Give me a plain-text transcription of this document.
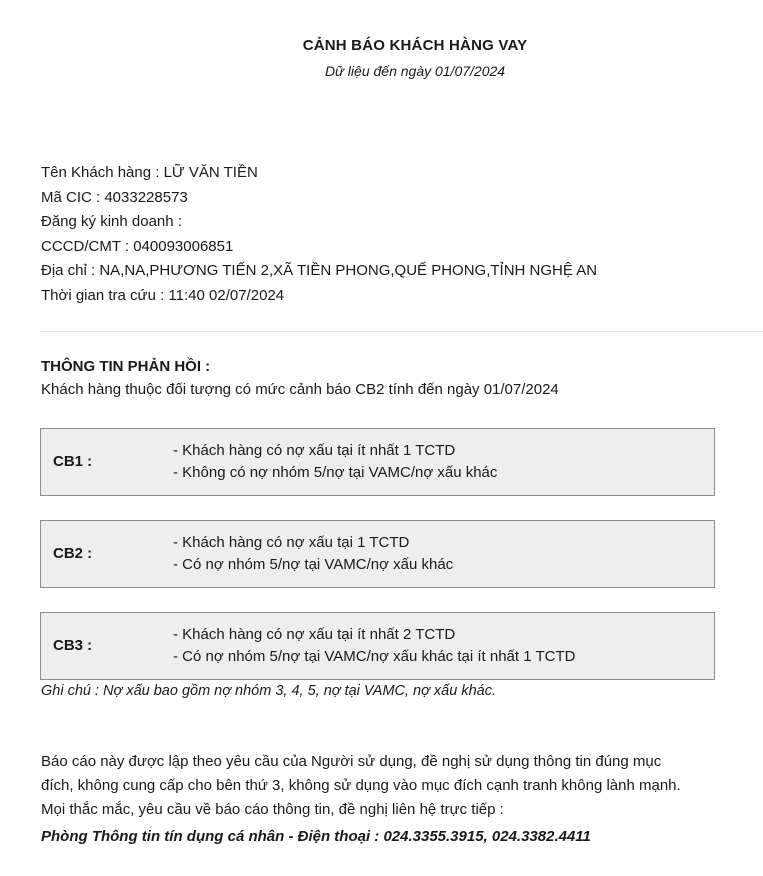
CẢNH BÁO KHÁCH HÀNG VAY
Dữ liệu đến ngày 01/07/2024
Tên Khách hàng : LỮ VĂN TIỀN
Mã CIC : 4033228573
Đăng ký kinh doanh :
CCCD/CMT : 040093006851
Địa chỉ : NA,NA,PHƯƠNG TIẾN 2,XÃ TIỀN PHONG,QUẾ PHONG,TỈNH NGHỆ AN
Thời gian tra cứu : 11:40 02/07/2024
THÔNG TIN PHẢN HỒI :
Khách hàng thuộc đối tượng có mức cảnh báo CB2 tính đến ngày 01/07/2024
CB1 :
- Khách hàng có nợ xấu tại ít nhất 1 TCTD
- Không có nợ nhóm 5/nợ tại VAMC/nợ xấu khác
CB2 :
- Khách hàng có nợ xấu tại 1 TCTD
- Có nợ nhóm 5/nợ tại VAMC/nợ xấu khác
CB3 :
- Khách hàng có nợ xấu tại ít nhất 2 TCTD
- Có nợ nhóm 5/nợ tại VAMC/nợ xấu khác tại ít nhất 1 TCTD
Ghi chú : Nợ xấu bao gồm nợ nhóm 3, 4, 5, nợ tại VAMC, nợ xấu khác.
Báo cáo này được lập theo yêu cầu của Người sử dụng, đề nghị sử dụng thông tin đúng mục
đích, không cung cấp cho bên thứ 3, không sử dụng vào mục đích cạnh tranh không lành mạnh.
Mọi thắc mắc, yêu cầu về báo cáo thông tin, đề nghị liên hệ trực tiếp :
Phòng Thông tin tín dụng cá nhân - Điện thoại : 024.3355.3915, 024.3382.4411
